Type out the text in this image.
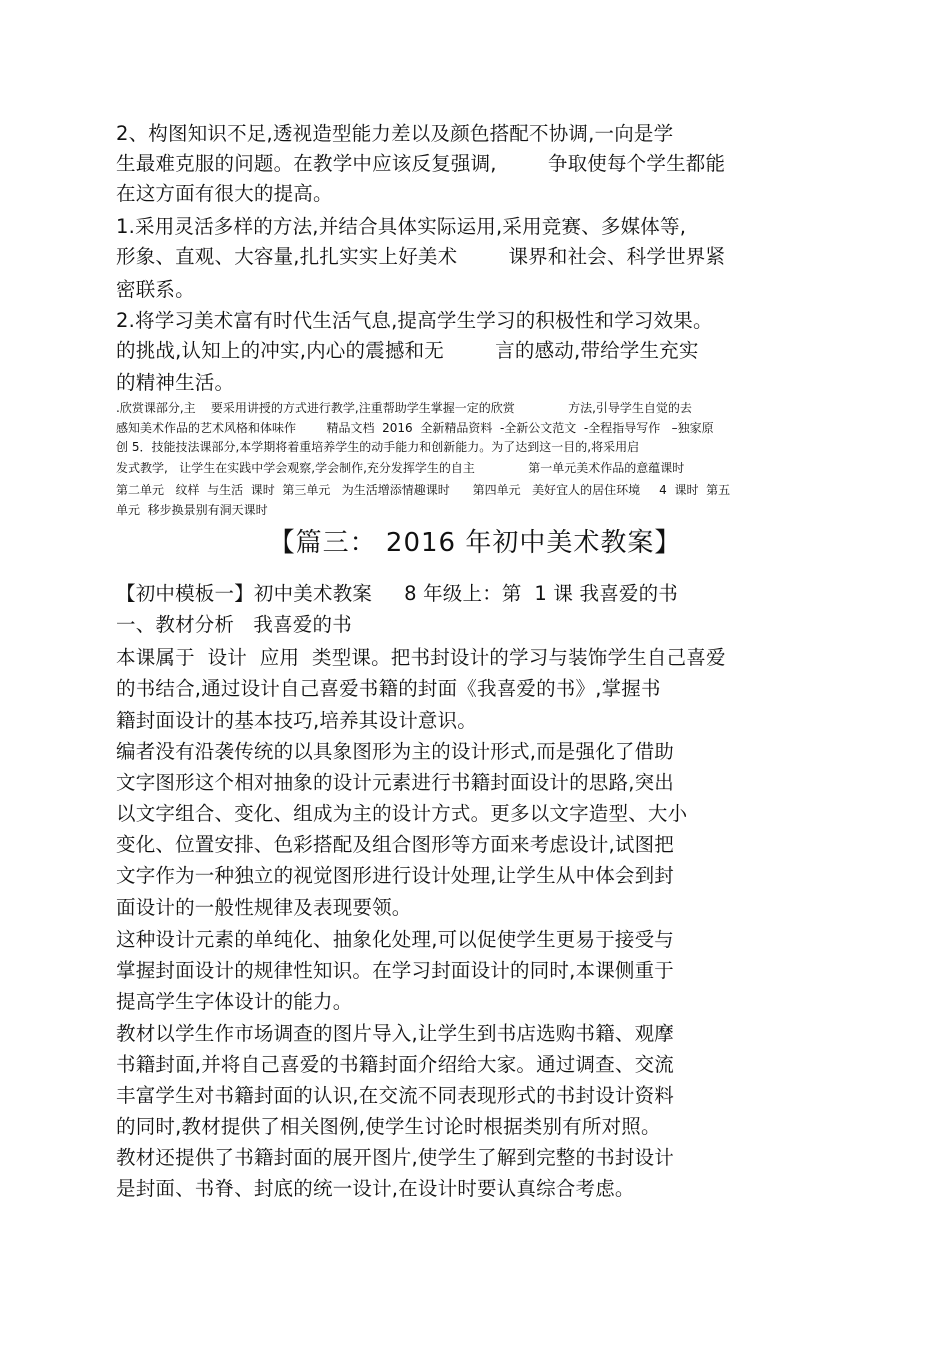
2、构图知识不足,透视造型能力差以及颜色搭配不协调,一向是学
生最难克服的问题。在教学中应该反复强调,        争取使每个学生都能
在这方面有很大的提高。
1.采用灵活多样的方法,并结合具体实际运用,采用竞赛、多媒体等,
形象、直观、大容量,扎扎实实上好美术        课界和社会、科学世界紧
密联系。
2.将学习美术富有时代生活气息,提高学生学习的积极性和学习效果。
的挑战,认知上的冲实,内心的震撼和无        言的感动,带给学生充实
的精神生活。
.欣赏课部分,主    要采用讲授的方式进行教学,注重帮助学生掌握一定的欣赏              方法,引导学生自觉的去
感知美术作品的艺术风格和体味作        精品文档  2016  全新精品资料  -全新公文范文  -全程指导写作   –独家原
创 5．技能技法课部分,本学期将着重培养学生的动手能力和创新能力。为了达到这一目的,将采用启
发式教学,   让学生在实践中学会观察,学会制作,充分发挥学生的自主              第一单元美术作品的意蕴课时
第二单元   纹样  与生活  课时  第三单元   为生活增添情趣课时      第四单元   美好宜人的居住环境     4  课时  第五
单元  移步换景别有洞天课时
【篇三： 2016 年初中美术教案】
【初中模板一】初中美术教案     8 年级上：第  1 课 我喜爱的书
一、教材分析   我喜爱的书
本课属于  设计  应用  类型课。把书封设计的学习与装饰学生自己喜爱
的书结合,通过设计自己喜爱书籍的封面《我喜爱的书》,掌握书
籍封面设计的基本技巧,培养其设计意识。
编者没有沿袭传统的以具象图形为主的设计形式,而是强化了借助
文字图形这个相对抽象的设计元素进行书籍封面设计的思路,突出
以文字组合、变化、组成为主的设计方式。更多以文字造型、大小
变化、位置安排、色彩搭配及组合图形等方面来考虑设计,试图把
文字作为一种独立的视觉图形进行设计处理,让学生从中体会到封
面设计的一般性规律及表现要领。
这种设计元素的单纯化、抽象化处理,可以促使学生更易于接受与
掌握封面设计的规律性知识。在学习封面设计的同时,本课侧重于
提高学生字体设计的能力。
教材以学生作市场调查的图片导入,让学生到书店选购书籍、观摩
书籍封面,并将自己喜爱的书籍封面介绍给大家。通过调查、交流
丰富学生对书籍封面的认识,在交流不同表现形式的书封设计资料
的同时,教材提供了相关图例,使学生讨论时根据类别有所对照。
教材还提供了书籍封面的展开图片,使学生了解到完整的书封设计
是封面、书脊、封底的统一设计,在设计时要认真综合考虑。
